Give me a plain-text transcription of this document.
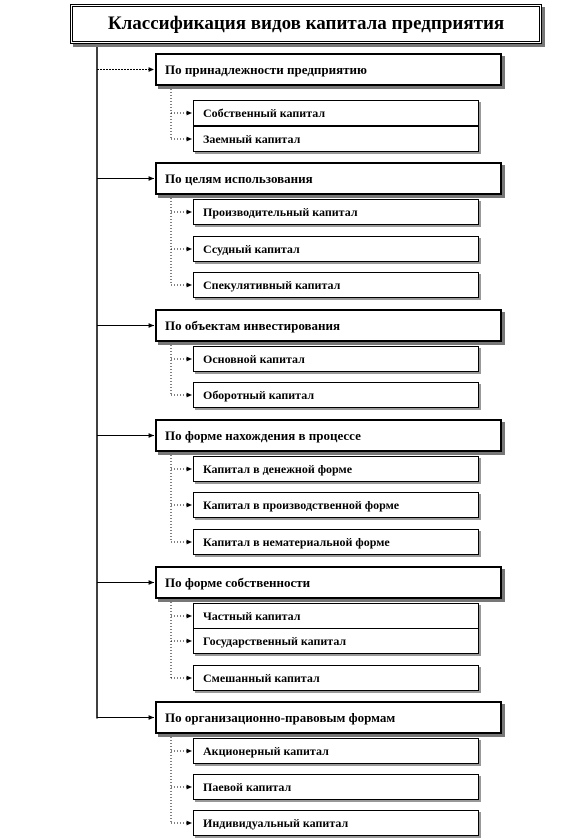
Классификация видов капитала предприятия
По принадлежности предприятию
Собственный капитал
Заемный капитал
По целям использования
Производительный капитал
Ссудный капитал
Спекулятивный капитал
По объектам инвестирования
Основной капитал
Оборотный капитал
По форме нахождения в процессе
Капитал в денежной форме
Капитал в производственной форме
Капитал в нематериальной форме
По форме собственности
Частный капитал
Государственный капитал
Смешанный капитал
По организационно-правовым формам
Акционерный капитал
Паевой капитал
Индивидуальный капитал
